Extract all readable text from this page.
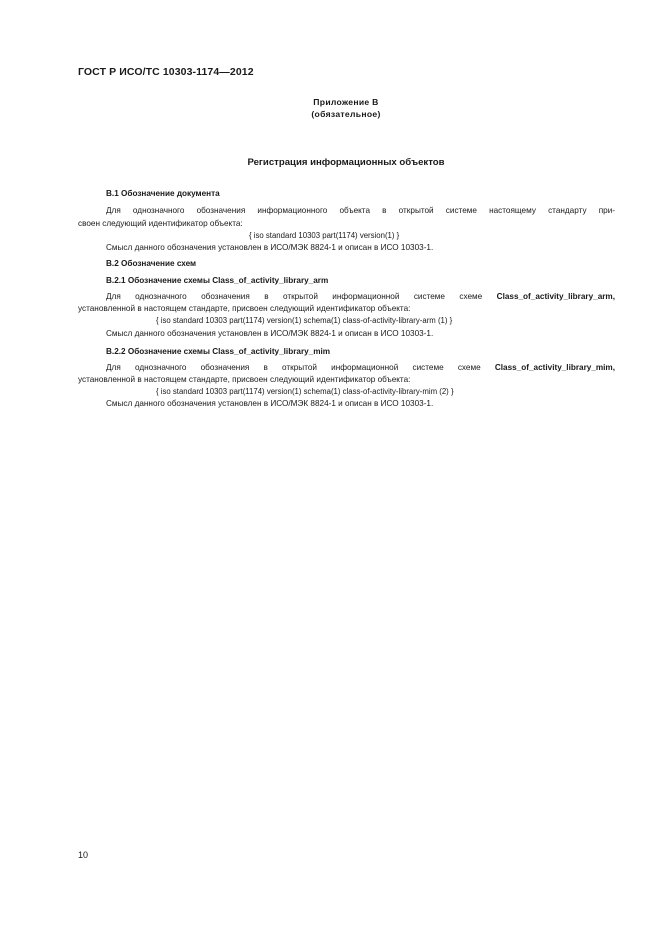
ГОСТ Р ИСО/ТС 10303-1174—2012
Приложение В
(обязательное)
Регистрация информационных объектов
B.1 Обозначение документа
Для однозначного обозначения информационного объекта в открытой системе настоящему стандарту при-
своен следующий идентификатор объекта:
{ iso standard 10303 part(1174) version(1) }
Смысл данного обозначения установлен в ИСО/МЭК 8824-1 и описан в ИСО 10303-1.
B.2 Обозначение схем
B.2.1 Обозначение схемы Class_of_activity_library_arm
Для однозначного обозначения в открытой информационной системе схеме Class_of_activity_library_arm,
установленной в настоящем стандарте, присвоен следующий идентификатор объекта:
{ iso standard 10303 part(1174) version(1) schema(1) class-of-activity-library-arm (1) }
Смысл данного обозначения установлен в ИСО/МЭК 8824-1 и описан в ИСО 10303-1.
B.2.2 Обозначение схемы Class_of_activity_library_mim
Для однозначного обозначения в открытой информационной системе схеме Class_of_activity_library_mim,
установленной в настоящем стандарте, присвоен следующий идентификатор объекта:
{ iso standard 10303 part(1174) version(1) schema(1) class-of-activity-library-mim (2) }
Смысл данного обозначения установлен в ИСО/МЭК 8824-1 и описан в ИСО 10303-1.
10
